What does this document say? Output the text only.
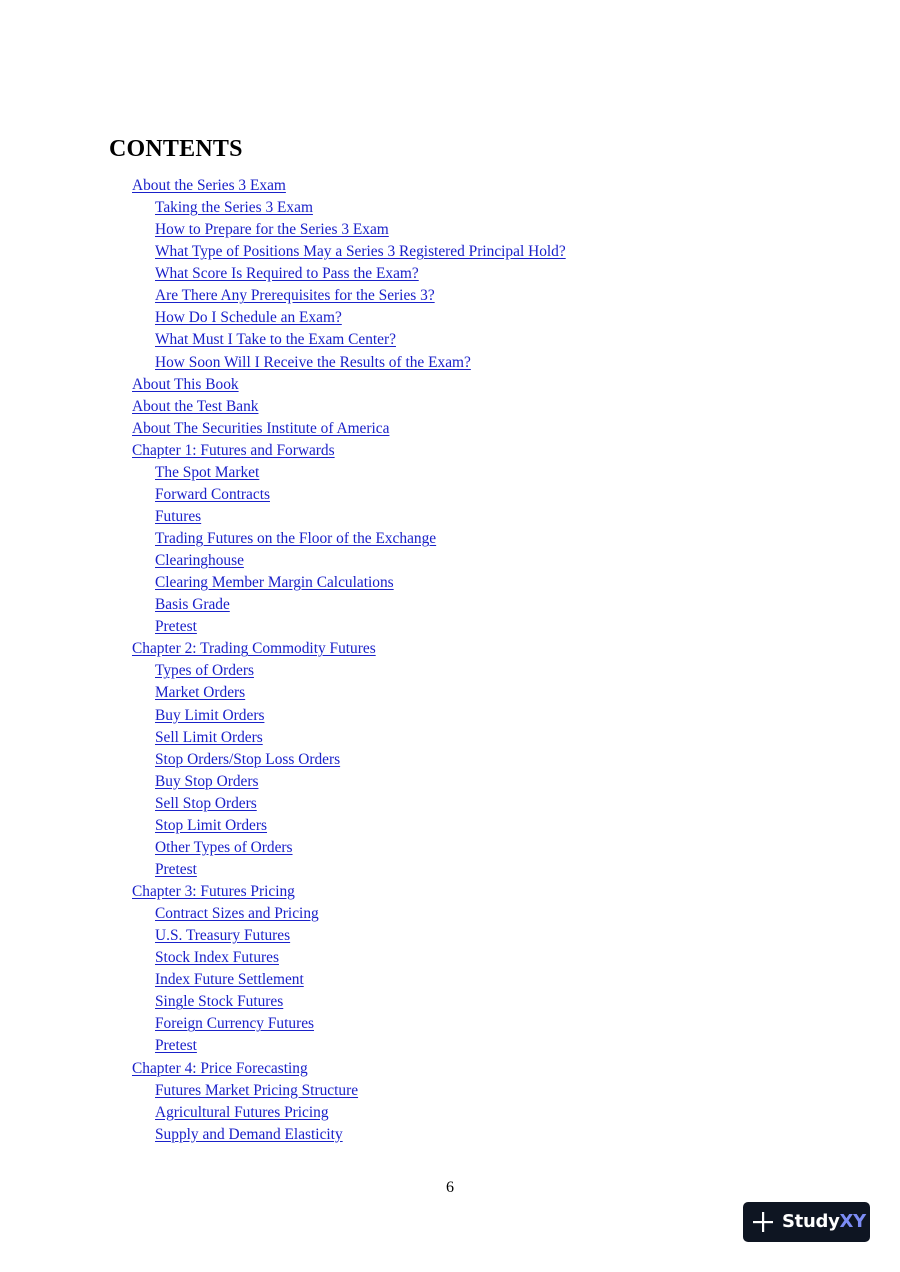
CONTENTS
About the Series 3 Exam
Taking the Series 3 Exam
How to Prepare for the Series 3 Exam
What Type of Positions May a Series 3 Registered Principal Hold?
What Score Is Required to Pass the Exam?
Are There Any Prerequisites for the Series 3?
How Do I Schedule an Exam?
What Must I Take to the Exam Center?
How Soon Will I Receive the Results of the Exam?
About This Book
About the Test Bank
About The Securities Institute of America
Chapter 1: Futures and Forwards
The Spot Market
Forward Contracts
Futures
Trading Futures on the Floor of the Exchange
Clearinghouse
Clearing Member Margin Calculations
Basis Grade
Pretest
Chapter 2: Trading Commodity Futures
Types of Orders
Market Orders
Buy Limit Orders
Sell Limit Orders
Stop Orders/Stop Loss Orders
Buy Stop Orders
Sell Stop Orders
Stop Limit Orders
Other Types of Orders
Pretest
Chapter 3: Futures Pricing
Contract Sizes and Pricing
U.S. Treasury Futures
Stock Index Futures
Index Future Settlement
Single Stock Futures
Foreign Currency Futures
Pretest
Chapter 4: Price Forecasting
Futures Market Pricing Structure
Agricultural Futures Pricing
Supply and Demand Elasticity
6
StudyXY
